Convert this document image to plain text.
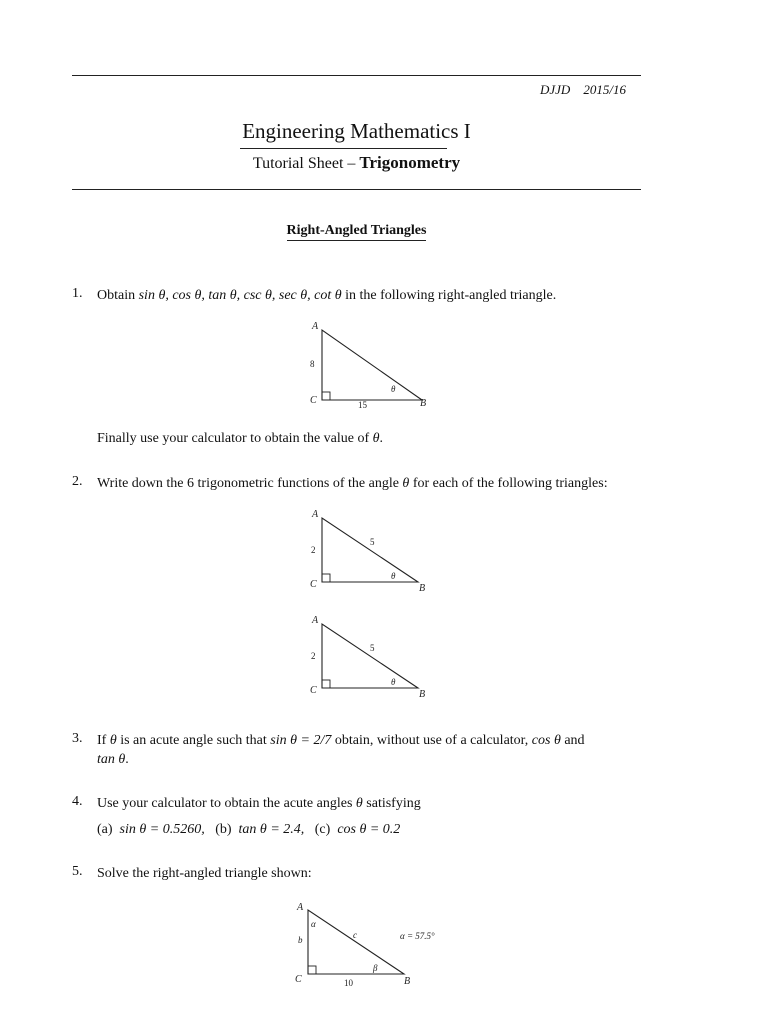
DJJD 2015/16
Engineering Mathematics I
Tutorial Sheet – Trigonometry
Right-Angled Triangles
1. Obtain sin θ, cos θ, tan θ, csc θ, sec θ, cot θ in the following right-angled triangle.
A
C	B
8
15
θ
Finally use your calculator to obtain the value of θ.
2. Write down the 6 trigonometric functions of the angle θ for each of the following triangles:
A
C	B
2
5
θ
A
C	B
2
5
θ
3. If θ is an acute angle such that sin θ = 2/7 obtain, without use of a calculator, cos θ and
tan θ.
4. Use your calculator to obtain the acute angles θ satisfying
(a) sin θ = 0.5260, (b) tan θ = 2.4, (c) cos θ = 0.2
5. Solve the right-angled triangle shown:
A
C	B
b
10
c
α
β
α = 57.5°
